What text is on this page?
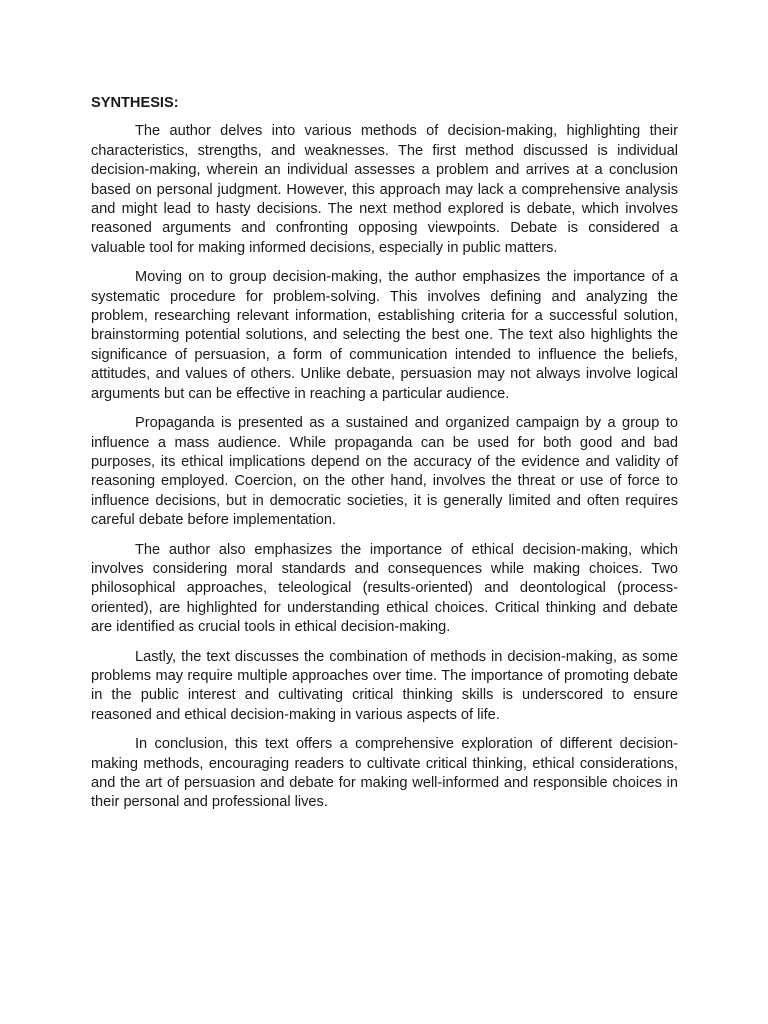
SYNTHESIS:

The author delves into various methods of decision-making, highlighting their characteristics, strengths, and weaknesses. The first method discussed is individual decision-making, wherein an individual assesses a problem and arrives at a conclusion based on personal judgment. However, this approach may lack a comprehensive analysis and might lead to hasty decisions. The next method explored is debate, which involves reasoned arguments and confronting opposing viewpoints. Debate is considered a valuable tool for making informed decisions, especially in public matters.

Moving on to group decision-making, the author emphasizes the importance of a systematic procedure for problem-solving. This involves defining and analyzing the problem, researching relevant information, establishing criteria for a successful solution, brainstorming potential solutions, and selecting the best one. The text also highlights the significance of persuasion, a form of communication intended to influence the beliefs, attitudes, and values of others. Unlike debate, persuasion may not always involve logical arguments but can be effective in reaching a particular audience.

Propaganda is presented as a sustained and organized campaign by a group to influence a mass audience. While propaganda can be used for both good and bad purposes, its ethical implications depend on the accuracy of the evidence and validity of reasoning employed. Coercion, on the other hand, involves the threat or use of force to influence decisions, but in democratic societies, it is generally limited and often requires careful debate before implementation.

The author also emphasizes the importance of ethical decision-making, which involves considering moral standards and consequences while making choices. Two philosophical approaches, teleological (results-oriented) and deontological (process-oriented), are highlighted for understanding ethical choices. Critical thinking and debate are identified as crucial tools in ethical decision-making.

Lastly, the text discusses the combination of methods in decision-making, as some problems may require multiple approaches over time. The importance of promoting debate in the public interest and cultivating critical thinking skills is underscored to ensure reasoned and ethical decision-making in various aspects of life.

In conclusion, this text offers a comprehensive exploration of different decision-making methods, encouraging readers to cultivate critical thinking, ethical considerations, and the art of persuasion and debate for making well-informed and responsible choices in their personal and professional lives.
